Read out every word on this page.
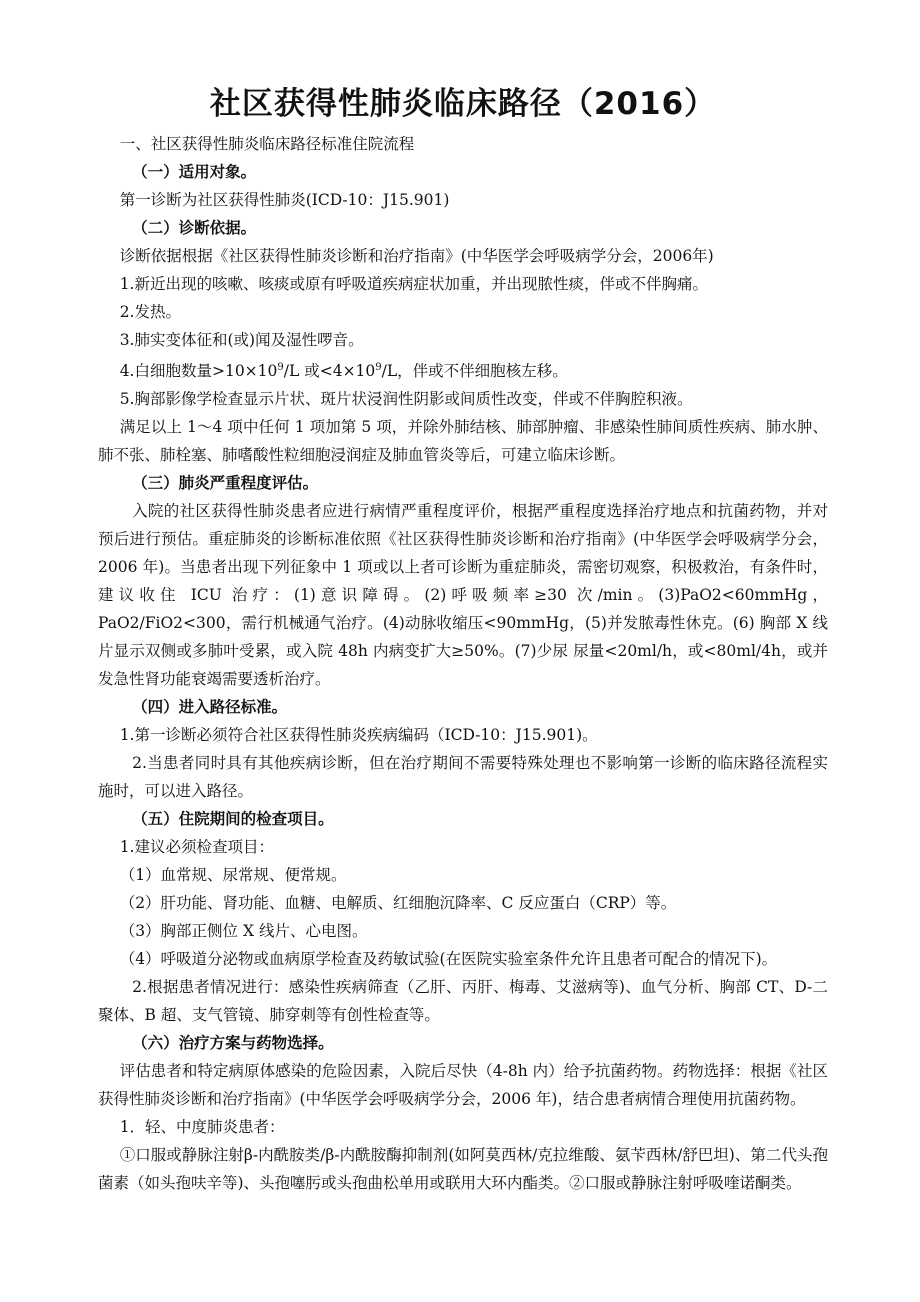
社区获得性肺炎临床路径（2016）

一、社区获得性肺炎临床路径标准住院流程

（一）适用对象。

第一诊断为社区获得性肺炎(ICD-10：J15.901)

（二）诊断依据。

诊断依据根据《社区获得性肺炎诊断和治疗指南》(中华医学会呼吸病学分会，2006年)

1.新近出现的咳嗽、咳痰或原有呼吸道疾病症状加重，并出现脓性痰，伴或不伴胸痛。

2.发热。

3.肺实变体征和(或)闻及湿性啰音。

4.白细胞数量$>10\times 10^9/L$ 或$<4\times 10^9/L$，伴或不伴细胞核左移。

5.胸部影像学检查显示片状、斑片状浸润性阴影或间质性改变，伴或不伴胸腔积液。

满足以上 1～4 项中任何 1 项加第 5 项，并除外肺结核、肺部肿瘤、非感染性肺间质性疾病、肺水肿、肺不张、肺栓塞、肺嗜酸性粒细胞浸润症及肺血管炎等后，可建立临床诊断。

（三）肺炎严重程度评估。

入院的社区获得性肺炎患者应进行病情严重程度评价，根据严重程度选择治疗地点和抗菌药物，并对预后进行预估。重症肺炎的诊断标准依照《社区获得性肺炎诊断和治疗指南》(中华医学会呼吸病学分会，2006 年)。当患者出现下列征象中 1 项或以上者可诊断为重症肺炎，需密切观察，积极救治，有条件时，建议收住 ICU 治疗：(1)意识障碍。(2)呼吸频率≥30 次/min。(3)PaO2<60mmHg，PaO2/FiO2<300，需行机械通气治疗。(4)动脉收缩压<90mmHg，(5)并发脓毒性休克。(6) 胸部 X 线片显示双侧或多肺叶受累，或入院 48h 内病变扩大≥50%。(7)少尿 尿量<20ml/h，或<80ml/4h，或并发急性肾功能衰竭需要透析治疗。

（四）进入路径标准。

1.第一诊断必须符合社区获得性肺炎疾病编码（ICD-10：J15.901)。

2.当患者同时具有其他疾病诊断，但在治疗期间不需要特殊处理也不影响第一诊断的临床路径流程实施时，可以进入路径。

（五）住院期间的检查项目。

1.建议必须检查项目：

（1）血常规、尿常规、便常规。

（2）肝功能、肾功能、血糖、电解质、红细胞沉降率、C 反应蛋白（CRP）等。

（3）胸部正侧位 X 线片、心电图。

（4）呼吸道分泌物或血病原学检查及药敏试验(在医院实验室条件允许且患者可配合的情况下)。

2.根据患者情况进行：感染性疾病筛查（乙肝、丙肝、梅毒、艾滋病等)、血气分析、胸部 CT、D-二聚体、B 超、支气管镜、肺穿刺等有创性检查等。

（六）治疗方案与药物选择。

评估患者和特定病原体感染的危险因素，入院后尽快（4-8h 内）给予抗菌药物。药物选择：根据《社区获得性肺炎诊断和治疗指南》(中华医学会呼吸病学分会，2006 年)，结合患者病情合理使用抗菌药物。

1．轻、中度肺炎患者：

①口服或静脉注射β-内酰胺类/β-内酰胺酶抑制剂(如阿莫西林/克拉维酸、氨苄西林/舒巴坦)、第二代头孢菌素（如头孢呋辛等)、头孢噻肟或头孢曲松单用或联用大环内酯类。②口服或静脉注射呼吸喹诺酮类。
